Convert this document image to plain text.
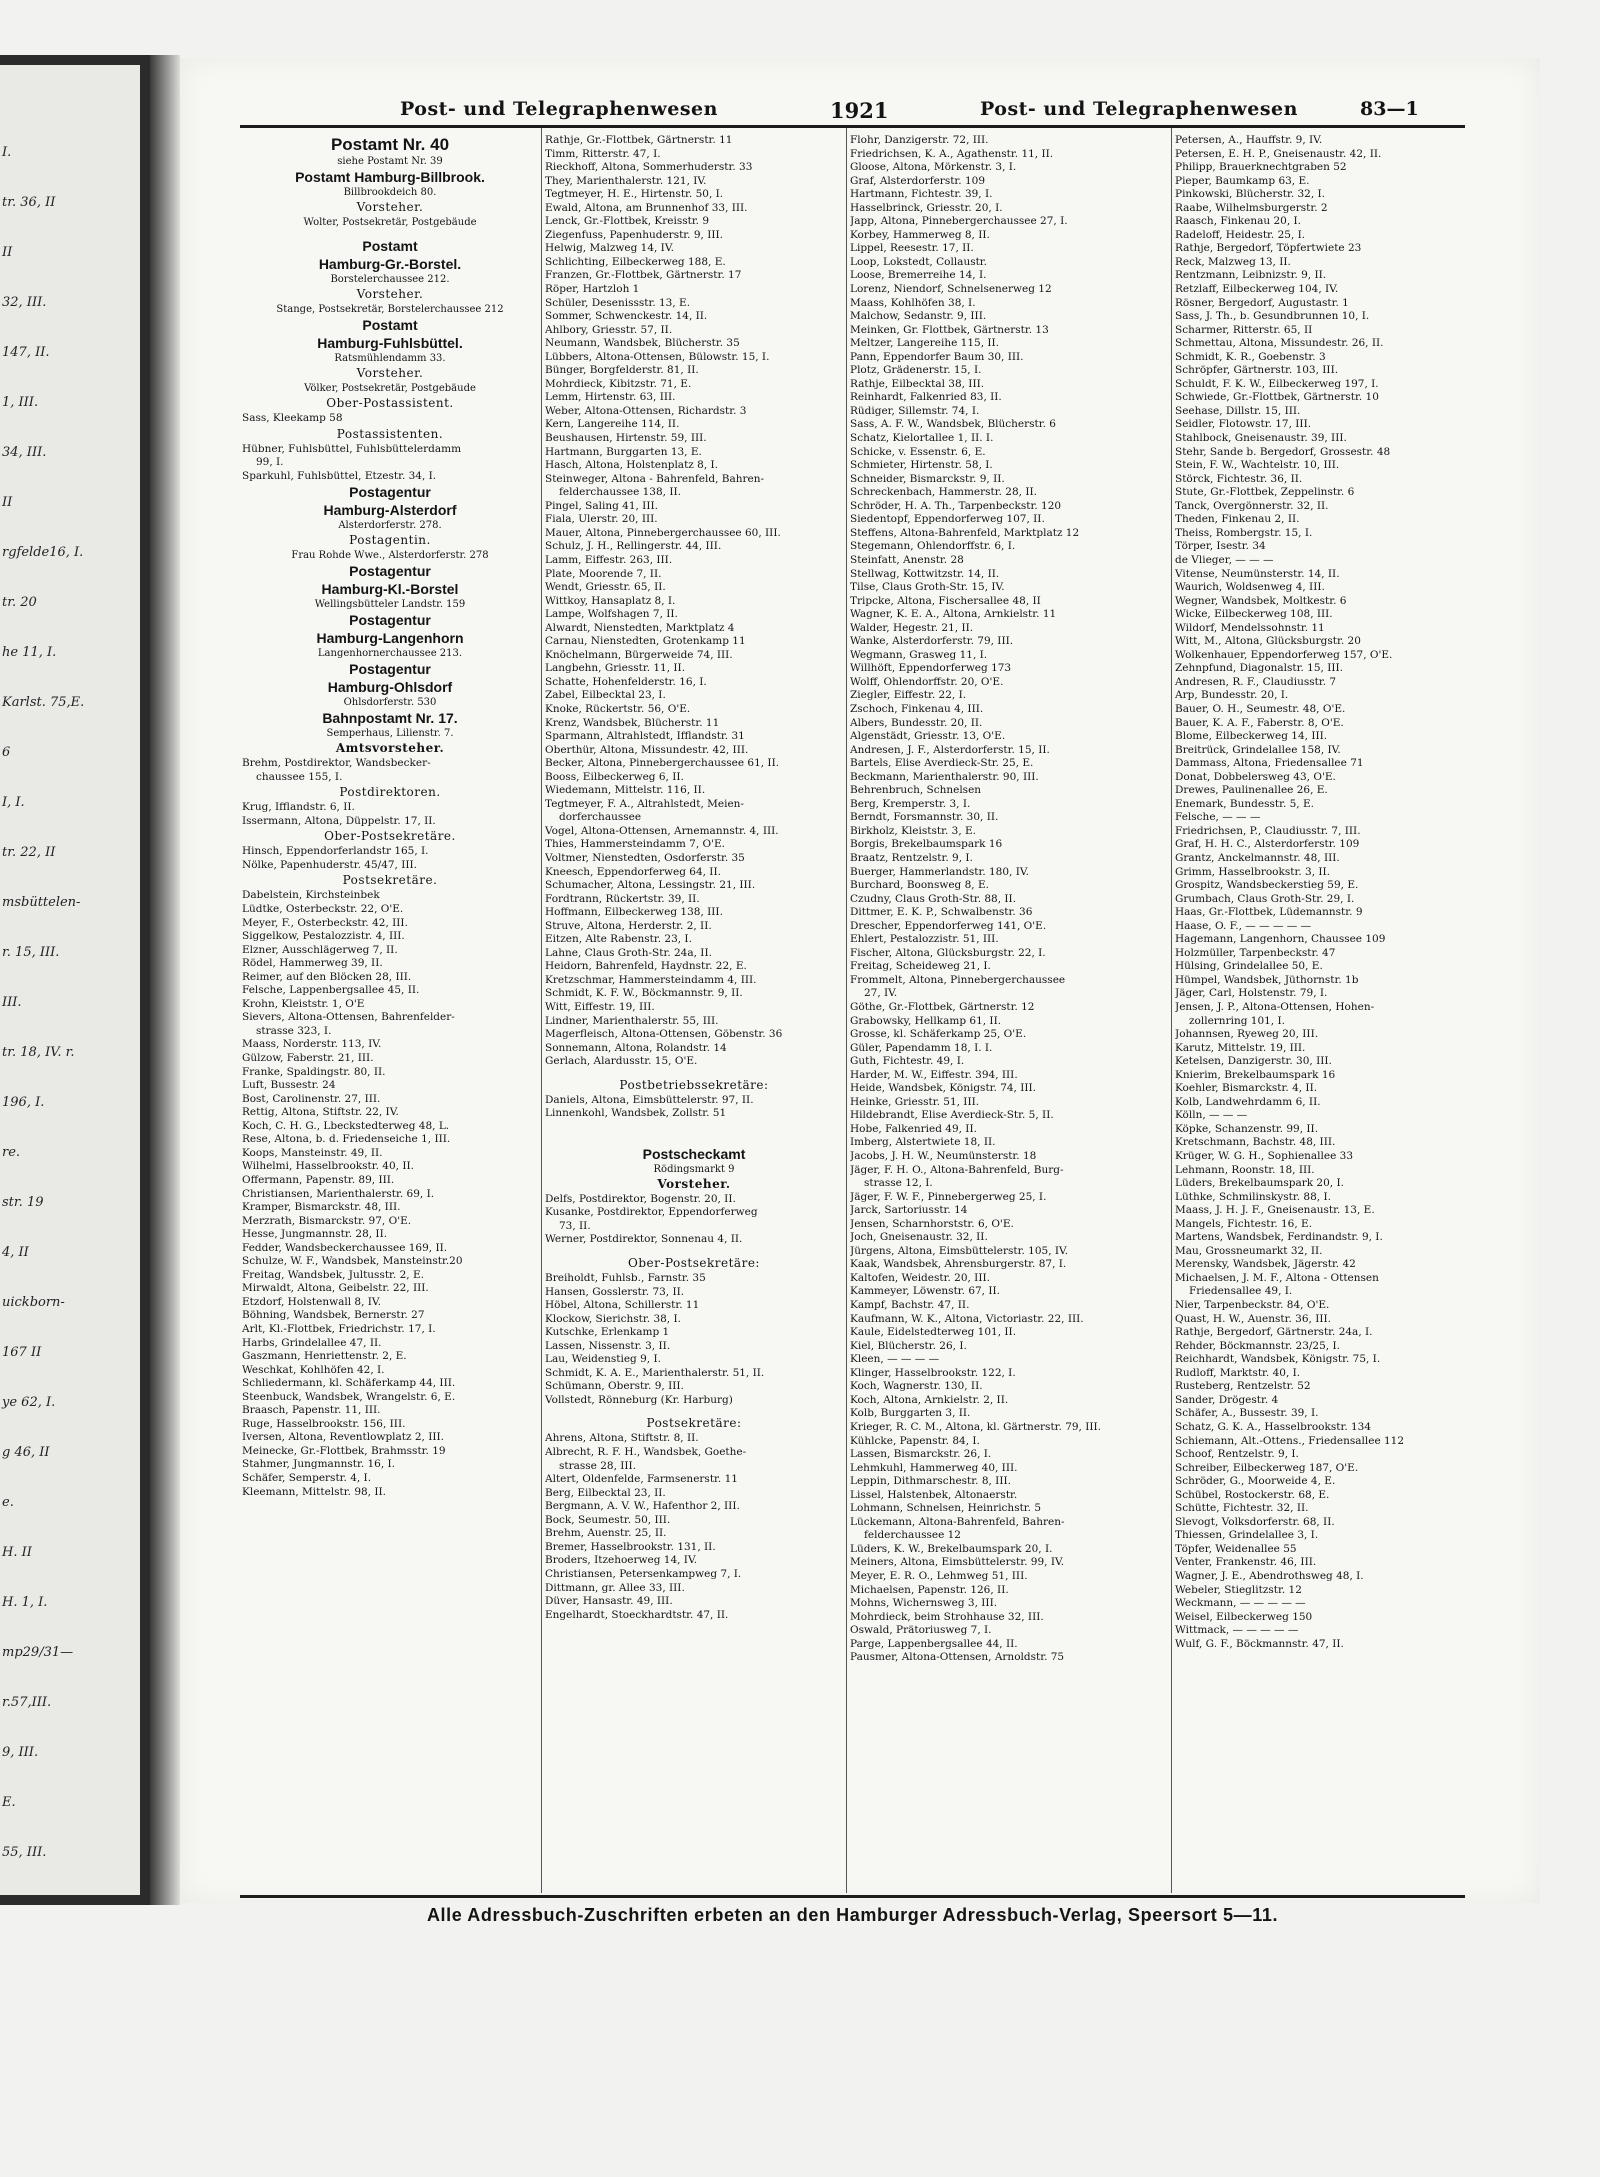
I.
tr. 36, II
II
32, III.
147, II.
1, III.
34, III.
II
rgfelde16, I.
tr. 20
he 11, I.
Karlst. 75,E.
6
I, I.
tr. 22, II
msbüttelen-
r. 15, III.
III.
tr. 18, IV. r.
196, I.
re.
str. 19
4, II
uickborn-
167 II
ye 62, I.
g 46, II
e.
H. II
H. 1, I.
mp29/31—
r.57,III.
9, III.
E.
55, III.
Post- und Telegraphenwesen	1921	Post- und Telegraphenwesen	83—1
Postamt Nr. 40
siehe Postamt Nr. 39
Postamt Hamburg-Billbrook.
Billbrookdeich 80.
Vorsteher.
Wolter, Postsekretär, Postgebäude
Postamt
Hamburg-Gr.-Borstel.
Borstelerchaussee 212.
Vorsteher.
Stange, Postsekretär, Borstelerchaussee 212
Postamt
Hamburg-Fuhlsbüttel.
Ratsmühlendamm 33.
Vorsteher.
Völker, Postsekretär, Postgebäude
Ober-Postassistent.
Sass, Kleekamp 58
Postassistenten.
Hübner, Fuhlsbüttel, Fuhlsbüttelerdamm
99, I.
Sparkuhl, Fuhlsbüttel, Etzestr. 34, I.
Postagentur
Hamburg-Alsterdorf
Alsterdorferstr. 278.
Postagentin.
Frau Rohde Wwe., Alsterdorferstr. 278
Postagentur
Hamburg-Kl.-Borstel
Wellingsbütteler Landstr. 159
Postagentur
Hamburg-Langenhorn
Langenhornerchaussee 213.
Postagentur
Hamburg-Ohlsdorf
Ohlsdorferstr. 530
Bahnpostamt Nr. 17.
Semperhaus, Lilienstr. 7.
Amtsvorsteher.
Brehm, Postdirektor, Wandsbecker-
chaussee 155, I.
Postdirektoren.
Krug, Ifflandstr. 6, II.
Issermann, Altona, Düppelstr. 17, II.
Ober-Postsekretäre.
Hinsch, Eppendorferlandstr 165, I.
Nölke, Papenhuderstr. 45/47, III.
Postsekretäre.
Dabelstein, Kirchsteinbek
Lüdtke, Osterbeckstr. 22, O'E.
Meyer, F., Osterbeckstr. 42, III.
Siggelkow, Pestalozzistr. 4, III.
Elzner, Ausschlägerweg 7, II.
Rödel, Hammerweg 39, II.
Reimer, auf den Blöcken 28, III.
Felsche, Lappenbergsallee 45, II.
Krohn, Kleiststr. 1, O'E
Sievers, Altona-Ottensen, Bahrenfelder-
strasse 323, I.
Maass, Norderstr. 113, IV.
Gülzow, Faberstr. 21, III.
Franke, Spaldingstr. 80, II.
Luft, Bussestr. 24
Bost, Carolinenstr. 27, III.
Rettig, Altona, Stiftstr. 22, IV.
Koch, C. H. G., Lbeckstedterweg 48, L.
Rese, Altona, b. d. Friedenseiche 1, III.
Koops, Mansteinstr. 49, II.
Wilhelmi, Hasselbrookstr. 40, II.
Offermann, Papenstr. 89, III.
Christiansen, Marienthalerstr. 69, I.
Kramper, Bismarckstr. 48, III.
Merzrath, Bismarckstr. 97, O'E.
Hesse, Jungmannstr. 28, II.
Fedder, Wandsbeckerchaussee 169, II.
Schulze, W. F., Wandsbek, Mansteinstr.20
Freitag, Wandsbek, Jultusstr. 2, E.
Mirwaldt, Altona, Geibelstr. 22, III.
Etzdorf, Holstenwall 8, IV.
Böhning, Wandsbek, Bernerstr. 27
Arlt, Kl.-Flottbek, Friedrichstr. 17, I.
Harbs, Grindelallee 47, II.
Gaszmann, Henriettenstr. 2, E.
Weschkat, Kohlhöfen 42, I.
Schliedermann, kl. Schäferkamp 44, III.
Steenbuck, Wandsbek, Wrangelstr. 6, E.
Braasch, Papenstr. 11, III.
Ruge, Hasselbrookstr. 156, III.
Iversen, Altona, Reventlowplatz 2, III.
Meinecke, Gr.-Flottbek, Brahmsstr. 19
Stahmer, Jungmannstr. 16, I.
Schäfer, Semperstr. 4, I.
Kleemann, Mittelstr. 98, II.
Rathje, Gr.-Flottbek, Gärtnerstr. 11
Timm, Ritterstr. 47, I.
Rieckhoff, Altona, Sommerhuderstr. 33
They, Marienthalerstr. 121, IV.
Tegtmeyer, H. E., Hirtenstr. 50, I.
Ewald, Altona, am Brunnenhof 33, III.
Lenck, Gr.-Flottbek, Kreisstr. 9
Ziegenfuss, Papenhuderstr. 9, III.
Helwig, Malzweg 14, IV.
Schlichting, Eilbeckerweg 188, E.
Franzen, Gr.-Flottbek, Gärtnerstr. 17
Röper, Hartzloh 1
Schüler, Desenissstr. 13, E.
Sommer, Schwenckestr. 14, II.
Ahlbory, Griesstr. 57, II.
Neumann, Wandsbek, Blücherstr. 35
Lübbers, Altona-Ottensen, Bülowstr. 15, I.
Bünger, Borgfelderstr. 81, II.
Mohrdieck, Kibitzstr. 71, E.
Lemm, Hirtenstr. 63, III.
Weber, Altona-Ottensen, Richardstr. 3
Kern, Langereihe 114, II.
Beushausen, Hirtenstr. 59, III.
Hartmann, Burggarten 13, E.
Hasch, Altona, Holstenplatz 8, I.
Steinweger, Altona - Bahrenfeld, Bahren-
felderchaussee 138, II.
Pingel, Saling 41, III.
Fiala, Ulerstr. 20, III.
Mauer, Altona, Pinnebergerchaussee 60, III.
Schulz, J. H., Rellingerstr. 44, III.
Lamm, Eiffestr. 263, III.
Plate, Moorende 7, II.
Wendt, Griesstr. 65, II.
Wittkoy, Hansaplatz 8, I.
Lampe, Wolfshagen 7, II.
Alwardt, Nienstedten, Marktplatz 4
Carnau, Nienstedten, Grotenkamp 11
Knöchelmann, Bürgerweide 74, III.
Langbehn, Griesstr. 11, II.
Schatte, Hohenfelderstr. 16, I.
Zabel, Eilbecktal 23, I.
Knoke, Rückertstr. 56, O'E.
Krenz, Wandsbek, Blücherstr. 11
Sparmann, Altrahlstedt, Ifflandstr. 31
Oberthür, Altona, Missundestr. 42, III.
Becker, Altona, Pinnebergerchaussee 61, II.
Booss, Eilbeckerweg 6, II.
Wiedemann, Mittelstr. 116, II.
Tegtmeyer, F. A., Altrahlstedt, Meien-
dorferchaussee
Vogel, Altona-Ottensen, Arnemannstr. 4, III.
Thies, Hammersteindamm 7, O'E.
Voltmer, Nienstedten, Osdorferstr. 35
Kneesch, Eppendorferweg 64, II.
Schumacher, Altona, Lessingstr. 21, III.
Fordtrann, Rückertstr. 39, II.
Hoffmann, Eilbeckerweg 138, III.
Struve, Altona, Herderstr. 2, II.
Eitzen, Alte Rabenstr. 23, I.
Lahne, Claus Groth-Str. 24a, II.
Heidorn, Bahrenfeld, Haydnstr. 22, E.
Kretzschmar, Hammersteindamm 4, III.
Schmidt, K. F. W., Böckmannstr. 9, II.
Witt, Eiffestr. 19, III.
Lindner, Marienthalerstr. 55, III.
Magerfleisch, Altona-Ottensen, Göbenstr. 36
Sonnemann, Altona, Rolandstr. 14
Gerlach, Alardusstr. 15, O'E.
Postbetriebssekretäre:
Daniels, Altona, Eimsbüttelerstr. 97, II.
Linnenkohl, Wandsbek, Zollstr. 51
Postscheckamt
Rödingsmarkt 9
Vorsteher.
Delfs, Postdirektor, Bogenstr. 20, II.
Kusanke, Postdirektor, Eppendorferweg
73, II.
Werner, Postdirektor, Sonnenau 4, II.
Ober-Postsekretäre:
Breiholdt, Fuhlsb., Farnstr. 35
Hansen, Gosslerstr. 73, II.
Höbel, Altona, Schillerstr. 11
Klockow, Sierichstr. 38, I.
Kutschke, Erlenkamp 1
Lassen, Nissenstr. 3, II.
Lau, Weidenstieg 9, I.
Schmidt, K. A. E., Marienthalerstr. 51, II.
Schümann, Oberstr. 9, III.
Vollstedt, Rönneburg (Kr. Harburg)
Postsekretäre:
Ahrens, Altona, Stiftstr. 8, II.
Albrecht, R. F. H., Wandsbek, Goethe-
strasse 28, III.
Altert, Oldenfelde, Farmsenerstr. 11
Berg, Eilbecktal 23, II.
Bergmann, A. V. W., Hafenthor 2, III.
Bock, Seumestr. 50, III.
Brehm, Auenstr. 25, II.
Bremer, Hasselbrookstr. 131, II.
Broders, Itzehoerweg 14, IV.
Christiansen, Petersenkampweg 7, I.
Dittmann, gr. Allee 33, III.
Düver, Hansastr. 49, III.
Engelhardt, Stoeckhardtstr. 47, II.
Flohr, Danzigerstr. 72, III.
Friedrichsen, K. A., Agathenstr. 11, II.
Gloose, Altona, Mörkenstr. 3, I.
Graf, Alsterdorferstr. 109
Hartmann, Fichtestr. 39, I.
Hasselbrinck, Griesstr. 20, I.
Japp, Altona, Pinnebergerchaussee 27, I.
Korbey, Hammerweg 8, II.
Lippel, Reesestr. 17, II.
Loop, Lokstedt, Collaustr.
Loose, Bremerreihe 14, I.
Lorenz, Niendorf, Schnelsenerweg 12
Maass, Kohlhöfen 38, I.
Malchow, Sedanstr. 9, III.
Meinken, Gr. Flottbek, Gärtnerstr. 13
Meltzer, Langereihe 115, II.
Pann, Eppendorfer Baum 30, III.
Plotz, Grädenerstr. 15, I.
Rathje, Eilbecktal 38, III.
Reinhardt, Falkenried 83, II.
Rüdiger, Sillemstr. 74, I.
Sass, A. F. W., Wandsbek, Blücherstr. 6
Schatz, Kielortallee 1, II. I.
Schicke, v. Essenstr. 6, E.
Schmieter, Hirtenstr. 58, I.
Schneider, Bismarckstr. 9, II.
Schreckenbach, Hammerstr. 28, II.
Schröder, H. A. Th., Tarpenbeckstr. 120
Siedentopf, Eppendorferweg 107, II.
Steffens, Altona-Bahrenfeld, Marktplatz 12
Stegemann, Ohlendorffstr. 6, I.
Steinfatt, Anenstr. 28
Stellwag, Kottwitzstr. 14, II.
Tilse, Claus Groth-Str. 15, IV.
Tripcke, Altona, Fischersallee 48, II
Wagner, K. E. A., Altona, Arnkielstr. 11
Walder, Hegestr. 21, II.
Wanke, Alsterdorferstr. 79, III.
Wegmann, Grasweg 11, I.
Willhöft, Eppendorferweg 173
Wolff, Ohlendorffstr. 20, O'E.
Ziegler, Eiffestr. 22, I.
Zschoch, Finkenau 4, III.
Albers, Bundesstr. 20, II.
Algenstädt, Griesstr. 13, O'E.
Andresen, J. F., Alsterdorferstr. 15, II.
Bartels, Elise Averdieck-Str. 25, E.
Beckmann, Marienthalerstr. 90, III.
Behrenbruch, Schnelsen
Berg, Kremperstr. 3, I.
Berndt, Forsmannstr. 30, II.
Birkholz, Kleiststr. 3, E.
Borgis, Brekelbaumspark 16
Braatz, Rentzelstr. 9, I.
Buerger, Hammerlandstr. 180, IV.
Burchard, Boonsweg 8, E.
Czudny, Claus Groth-Str. 88, II.
Dittmer, E. K. P., Schwalbenstr. 36
Drescher, Eppendorferweg 141, O'E.
Ehlert, Pestalozzistr. 51, III.
Fischer, Altona, Glücksburgstr. 22, I.
Freitag, Scheideweg 21, I.
Frommelt, Altona, Pinnebergerchaussee
27, IV.
Göthe, Gr.-Flottbek, Gärtnerstr. 12
Grabowsky, Hellkamp 61, II.
Grosse, kl. Schäferkamp 25, O'E.
Güler, Papendamm 18, I. I.
Guth, Fichtestr. 49, I.
Harder, M. W., Eiffestr. 394, III.
Heide, Wandsbek, Königstr. 74, III.
Heinke, Griesstr. 51, III.
Hildebrandt, Elise Averdieck-Str. 5, II.
Hobe, Falkenried 49, II.
Imberg, Alstertwiete 18, II.
Jacobs, J. H. W., Neumünsterstr. 18
Jäger, F. H. O., Altona-Bahrenfeld, Burg-
strasse 12, I.
Jäger, F. W. F., Pinnebergerweg 25, I.
Jarck, Sartoriusstr. 14
Jensen, Scharnhorststr. 6, O'E.
Joch, Gneisenaustr. 32, II.
Jürgens, Altona, Eimsbüttelerstr. 105, IV.
Kaak, Wandsbek, Ahrensburgerstr. 87, I.
Kaltofen, Weidestr. 20, III.
Kammeyer, Löwenstr. 67, II.
Kampf, Bachstr. 47, II.
Kaufmann, W. K., Altona, Victoriastr. 22, III.
Kaule, Eidelstedterweg 101, II.
Kiel, Blücherstr. 26, I.
Kleen, — — — —
Klinger, Hasselbrookstr. 122, I.
Koch, Wagnerstr. 130, II.
Koch, Altona, Arnkielstr. 2, II.
Kolb, Burggarten 3, II.
Krieger, R. C. M., Altona, kl. Gärtnerstr. 79, III.
Kühlcke, Papenstr. 84, I.
Lassen, Bismarckstr. 26, I.
Lehmkuhl, Hammerweg 40, III.
Leppin, Dithmarschestr. 8, III.
Lissel, Halstenbek, Altonaerstr.
Lohmann, Schnelsen, Heinrichstr. 5
Lückemann, Altona-Bahrenfeld, Bahren-
felderchaussee 12
Lüders, K. W., Brekelbaumspark 20, I.
Meiners, Altona, Eimsbüttelerstr. 99, IV.
Meyer, E. R. O., Lehmweg 51, III.
Michaelsen, Papenstr. 126, II.
Mohns, Wichernsweg 3, III.
Mohrdieck, beim Strohhause 32, III.
Oswald, Prätoriusweg 7, I.
Parge, Lappenbergsallee 44, II.
Pausmer, Altona-Ottensen, Arnoldstr. 75
Petersen, A., Hauffstr. 9, IV.
Petersen, E. H. P., Gneisenaustr. 42, II.
Philipp, Brauerknechtgraben 52
Pieper, Baumkamp 63, E.
Pinkowski, Blücherstr. 32, I.
Raabe, Wilhelmsburgerstr. 2
Raasch, Finkenau 20, I.
Radeloff, Heidestr. 25, I.
Rathje, Bergedorf, Töpfertwiete 23
Reck, Malzweg 13, II.
Rentzmann, Leibnizstr. 9, II.
Retzlaff, Eilbeckerweg 104, IV.
Rösner, Bergedorf, Augustastr. 1
Sass, J. Th., b. Gesundbrunnen 10, I.
Scharmer, Ritterstr. 65, II
Schmettau, Altona, Missundestr. 26, II.
Schmidt, K. R., Goebenstr. 3
Schröpfer, Gärtnerstr. 103, III.
Schuldt, F. K. W., Eilbeckerweg 197, I.
Schwiede, Gr.-Flottbek, Gärtnerstr. 10
Seehase, Dillstr. 15, III.
Seidler, Flotowstr. 17, III.
Stahlbock, Gneisenaustr. 39, III.
Stehr, Sande b. Bergedorf, Grossestr. 48
Stein, F. W., Wachtelstr. 10, III.
Störck, Fichtestr. 36, II.
Stute, Gr.-Flottbek, Zeppelinstr. 6
Tanck, Overgönnerstr. 32, II.
Theden, Finkenau 2, II.
Theiss, Rombergstr. 15, I.
Törper, Isestr. 34
de Vlieger, — — —
Vitense, Neumünsterstr. 14, II.
Waurich, Woldsenweg 4, III.
Wegner, Wandsbek, Moltkestr. 6
Wicke, Eilbeckerweg 108, III.
Wildorf, Mendelssohnstr. 11
Witt, M., Altona, Glücksburgstr. 20
Wolkenhauer, Eppendorferweg 157, O'E.
Zehnpfund, Diagonalstr. 15, III.
Andresen, R. F., Claudiusstr. 7
Arp, Bundesstr. 20, I.
Bauer, O. H., Seumestr. 48, O'E.
Bauer, K. A. F., Faberstr. 8, O'E.
Blome, Eilbeckerweg 14, III.
Breitrück, Grindelallee 158, IV.
Dammass, Altona, Friedensallee 71
Donat, Dobbelersweg 43, O'E.
Drewes, Paulinenallee 26, E.
Enemark, Bundesstr. 5, E.
Felsche, — — —
Friedrichsen, P., Claudiusstr. 7, III.
Graf, H. H. C., Alsterdorferstr. 109
Grantz, Anckelmannstr. 48, III.
Grimm, Hasselbrookstr. 3, II.
Grospitz, Wandsbeckerstieg 59, E.
Grumbach, Claus Groth-Str. 29, I.
Haas, Gr.-Flottbek, Lüdemannstr. 9
Haase, O. F., — — — — —
Hagemann, Langenhorn, Chaussee 109
Holzmüller, Tarpenbeckstr. 47
Hülsing, Grindelallee 50, E.
Hümpel, Wandsbek, Jüthornstr. 1b
Jäger, Carl, Holstenstr. 79, I.
Jensen, J. P., Altona-Ottensen, Hohen-
zollernring 101, I.
Johannsen, Ryeweg 20, III.
Karutz, Mittelstr. 19, III.
Ketelsen, Danzigerstr. 30, III.
Knierim, Brekelbaumspark 16
Koehler, Bismarckstr. 4, II.
Kolb, Landwehrdamm 6, II.
Kölln, — — —
Köpke, Schanzenstr. 99, II.
Kretschmann, Bachstr. 48, III.
Krüger, W. G. H., Sophienallee 33
Lehmann, Roonstr. 18, III.
Lüders, Brekelbaumspark 20, I.
Lüthke, Schmilinskystr. 88, I.
Maass, J. H. J. F., Gneisenaustr. 13, E.
Mangels, Fichtestr. 16, E.
Martens, Wandsbek, Ferdinandstr. 9, I.
Mau, Grossneumarkt 32, II.
Merensky, Wandsbek, Jägerstr. 42
Michaelsen, J. M. F., Altona - Ottensen
Friedensallee 49, I.
Nier, Tarpenbeckstr. 84, O'E.
Quast, H. W., Auenstr. 36, III.
Rathje, Bergedorf, Gärtnerstr. 24a, I.
Rehder, Böckmannstr. 23/25, I.
Reichhardt, Wandsbek, Königstr. 75, I.
Rudloff, Marktstr. 40, I.
Rusteberg, Rentzelstr. 52
Sander, Drögestr. 4
Schäfer, A., Bussestr. 39, I.
Schatz, G. K. A., Hasselbrookstr. 134
Schiemann, Alt.-Ottens., Friedensallee 112
Schoof, Rentzelstr. 9, I.
Schreiber, Eilbeckerweg 187, O'E.
Schröder, G., Moorweide 4, E.
Schübel, Rostockerstr. 68, E.
Schütte, Fichtestr. 32, II.
Slevogt, Volksdorferstr. 68, II.
Thiessen, Grindelallee 3, I.
Töpfer, Weidenallee 55
Venter, Frankenstr. 46, III.
Wagner, J. E., Abendrothsweg 48, I.
Webeler, Stieglitzstr. 12
Weckmann, — — — — —
Weisel, Eilbeckerweg 150
Wittmack, — — — — —
Wulf, G. F., Böckmannstr. 47, II.
Alle Adressbuch-Zuschriften erbeten an den Hamburger Adressbuch-Verlag, Speersort 5—11.
